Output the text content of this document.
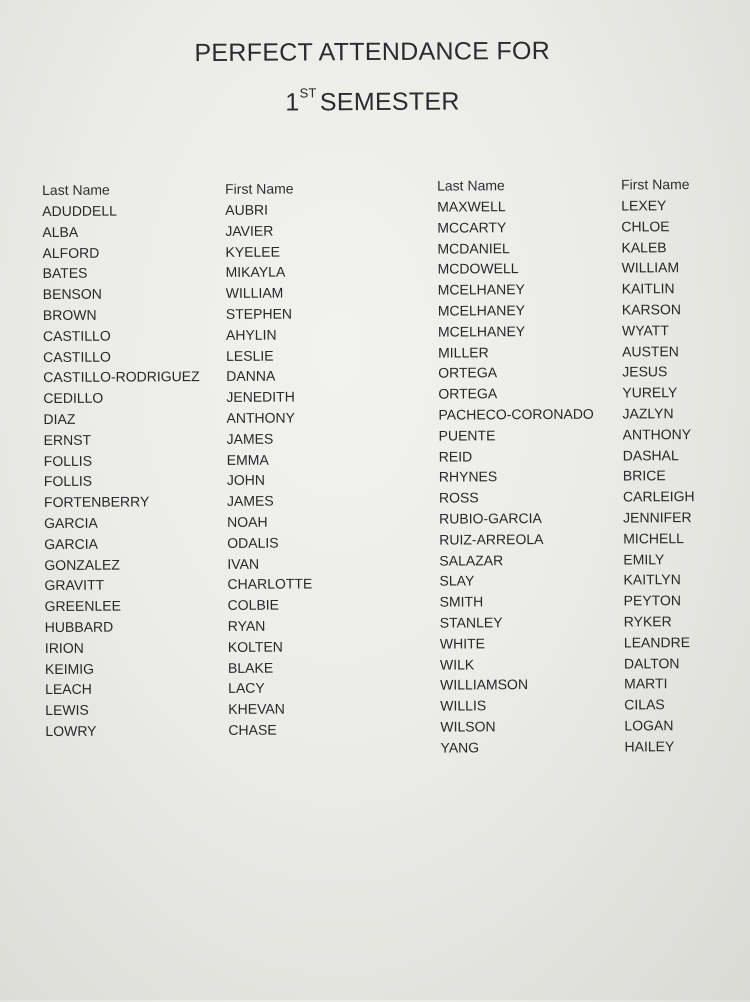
PERFECT ATTENDANCE FOR
1ST SEMESTER
Last Name
ADUDDELL
ALBA
ALFORD
BATES
BENSON
BROWN
CASTILLO
CASTILLO
CASTILLO-RODRIGUEZ
CEDILLO
DIAZ
ERNST
FOLLIS
FOLLIS
FORTENBERRY
GARCIA
GARCIA
GONZALEZ
GRAVITT
GREENLEE
HUBBARD
IRION
KEIMIG
LEACH
LEWIS
LOWRY
First Name
AUBRI
JAVIER
KYELEE
MIKAYLA
WILLIAM
STEPHEN
AHYLIN
LESLIE
DANNA
JENEDITH
ANTHONY
JAMES
EMMA
JOHN
JAMES
NOAH
ODALIS
IVAN
CHARLOTTE
COLBIE
RYAN
KOLTEN
BLAKE
LACY
KHEVAN
CHASE
Last Name
MAXWELL
MCCARTY
MCDANIEL
MCDOWELL
MCELHANEY
MCELHANEY
MCELHANEY
MILLER
ORTEGA
ORTEGA
PACHECO-CORONADO
PUENTE
REID
RHYNES
ROSS
RUBIO-GARCIA
RUIZ-ARREOLA
SALAZAR
SLAY
SMITH
STANLEY
WHITE
WILK
WILLIAMSON
WILLIS
WILSON
YANG
First Name
LEXEY
CHLOE
KALEB
WILLIAM
KAITLIN
KARSON
WYATT
AUSTEN
JESUS
YURELY
JAZLYN
ANTHONY
DASHAL
BRICE
CARLEIGH
JENNIFER
MICHELL
EMILY
KAITLYN
PEYTON
RYKER
LEANDRE
DALTON
MARTI
CILAS
LOGAN
HAILEY
